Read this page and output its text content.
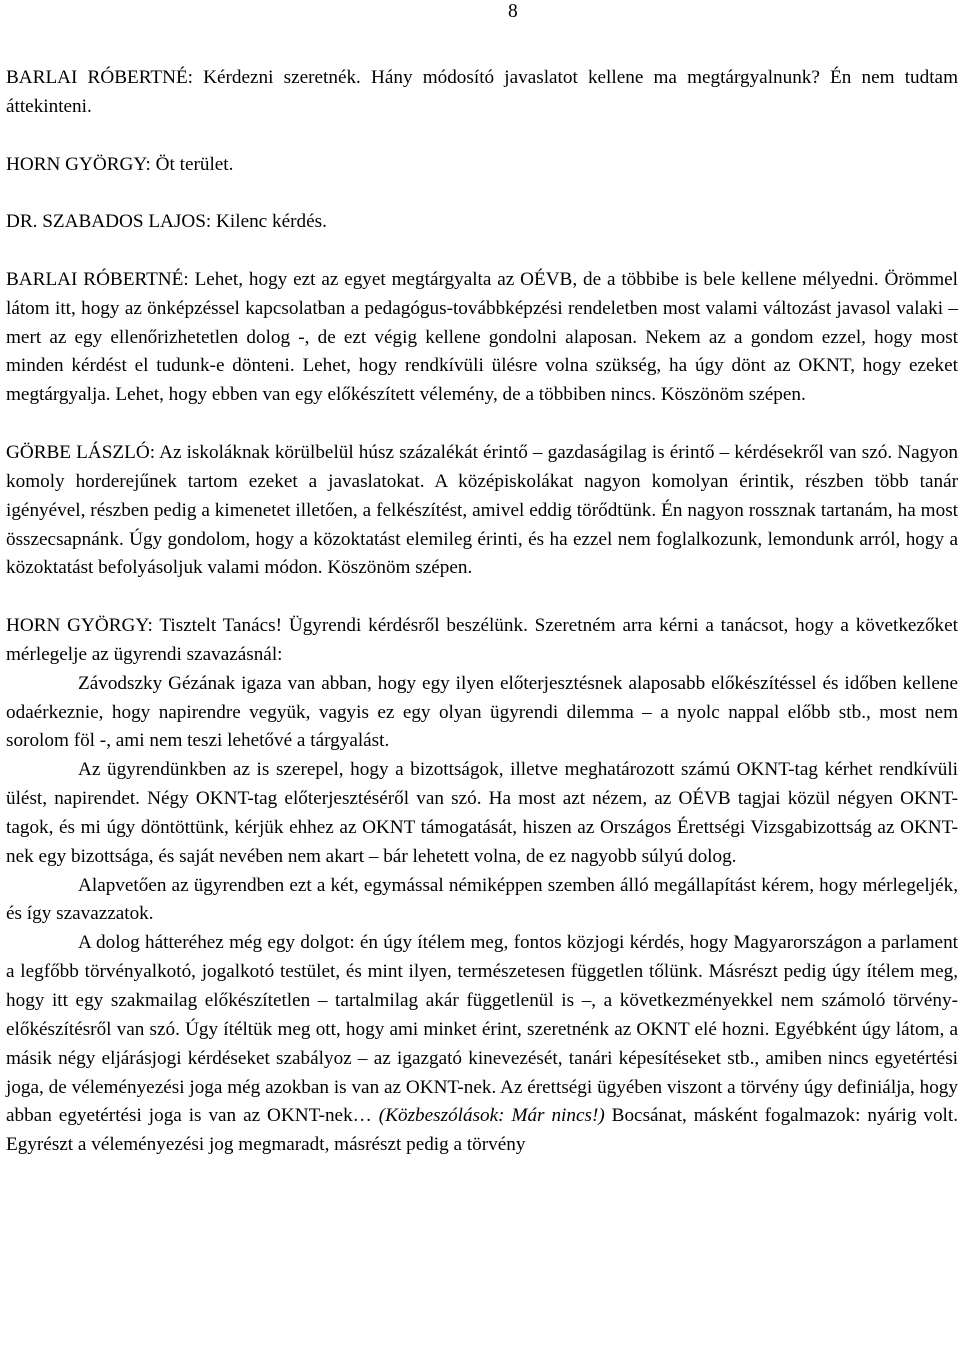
8

BARLAI RÓBERTNÉ: Kérdezni szeretnék. Hány módosító javaslatot kellene ma megtárgyalnunk? Én nem tudtam áttekinteni.

HORN GYÖRGY: Öt terület.

DR. SZABADOS LAJOS: Kilenc kérdés.

BARLAI RÓBERTNÉ: Lehet, hogy ezt az egyet megtárgyalta az OÉVB, de a többibe is bele kellene mélyedni. Örömmel látom itt, hogy az önképzéssel kapcsolatban a pedagógus-továbbképzési rendeletben most valami változást javasol valaki – mert az egy ellenőrizhetetlen dolog -, de ezt végig kellene gondolni alaposan. Nekem az a gondom ezzel, hogy most minden kérdést el tudunk-e dönteni. Lehet, hogy rendkívüli ülésre volna szükség, ha úgy dönt az OKNT, hogy ezeket megtárgyalja. Lehet, hogy ebben van egy előkészített vélemény, de a többiben nincs. Köszönöm szépen.

GÖRBE LÁSZLÓ: Az iskoláknak körülbelül húsz százalékát érintő – gazdaságilag is érintő – kérdésekről van szó. Nagyon komoly horderejűnek tartom ezeket a javaslatokat. A középiskolákat nagyon komolyan érintik, részben több tanár igényével, részben pedig a kimenetet illetően, a felkészítést, amivel eddig törődtünk. Én nagyon rossznak tartanám, ha most összecsapnánk. Úgy gondolom, hogy a közoktatást elemileg érinti, és ha ezzel nem foglalkozunk, lemondunk arról, hogy a közoktatást befolyásoljuk valami módon. Köszönöm szépen.

HORN GYÖRGY: Tisztelt Tanács! Ügyrendi kérdésről beszélünk. Szeretném arra kérni a tanácsot, hogy a következőket mérlegelje az ügyrendi szavazásnál:

Závodszky Gézának igaza van abban, hogy egy ilyen előterjesztésnek alaposabb előkészítéssel és időben kellene odaérkeznie, hogy napirendre vegyük, vagyis ez egy olyan ügyrendi dilemma – a nyolc nappal előbb stb., most nem sorolom föl -, ami nem teszi lehetővé a tárgyalást.

Az ügyrendünkben az is szerepel, hogy a bizottságok, illetve meghatározott számú OKNT-tag kérhet rendkívüli ülést, napirendet. Négy OKNT-tag előterjesztéséről van szó. Ha most azt nézem, az OÉVB tagjai közül négyen OKNT-tagok, és mi úgy döntöttünk, kérjük ehhez az OKNT támogatását, hiszen az Országos Érettségi Vizsgabizottság az OKNT-nek egy bizottsága, és saját nevében nem akart – bár lehetett volna, de ez nagyobb súlyú dolog.

Alapvetően az ügyrendben ezt a két, egymással némiképpen szemben álló megállapítást kérem, hogy mérlegeljék, és így szavazzatok.

A dolog hátteréhez még egy dolgot: én úgy ítélem meg, fontos közjogi kérdés, hogy Magyarországon a parlament a legfőbb törvényalkotó, jogalkotó testület, és mint ilyen, természetesen független tőlünk. Másrészt pedig úgy ítélem meg, hogy itt egy szakmailag előkészítetlen – tartalmilag akár függetlenül is –, a következményekkel nem számoló törvény-előkészítésről van szó. Úgy ítéltük meg ott, hogy ami minket érint, szeretnénk az OKNT elé hozni. Egyébként úgy látom, a másik négy eljárásjogi kérdéseket szabályoz – az igazgató kinevezését, tanári képesítéseket stb., amiben nincs egyetértési joga, de véleményezési joga még azokban is van az OKNT-nek. Az érettségi ügyében viszont a törvény úgy definiálja, hogy abban egyetértési joga is van az OKNT-nek… (Közbeszólások: Már nincs!) Bocsánat, másként fogalmazok: nyárig volt. Egyrészt a véleményezési jog megmaradt, másrészt pedig a törvény
